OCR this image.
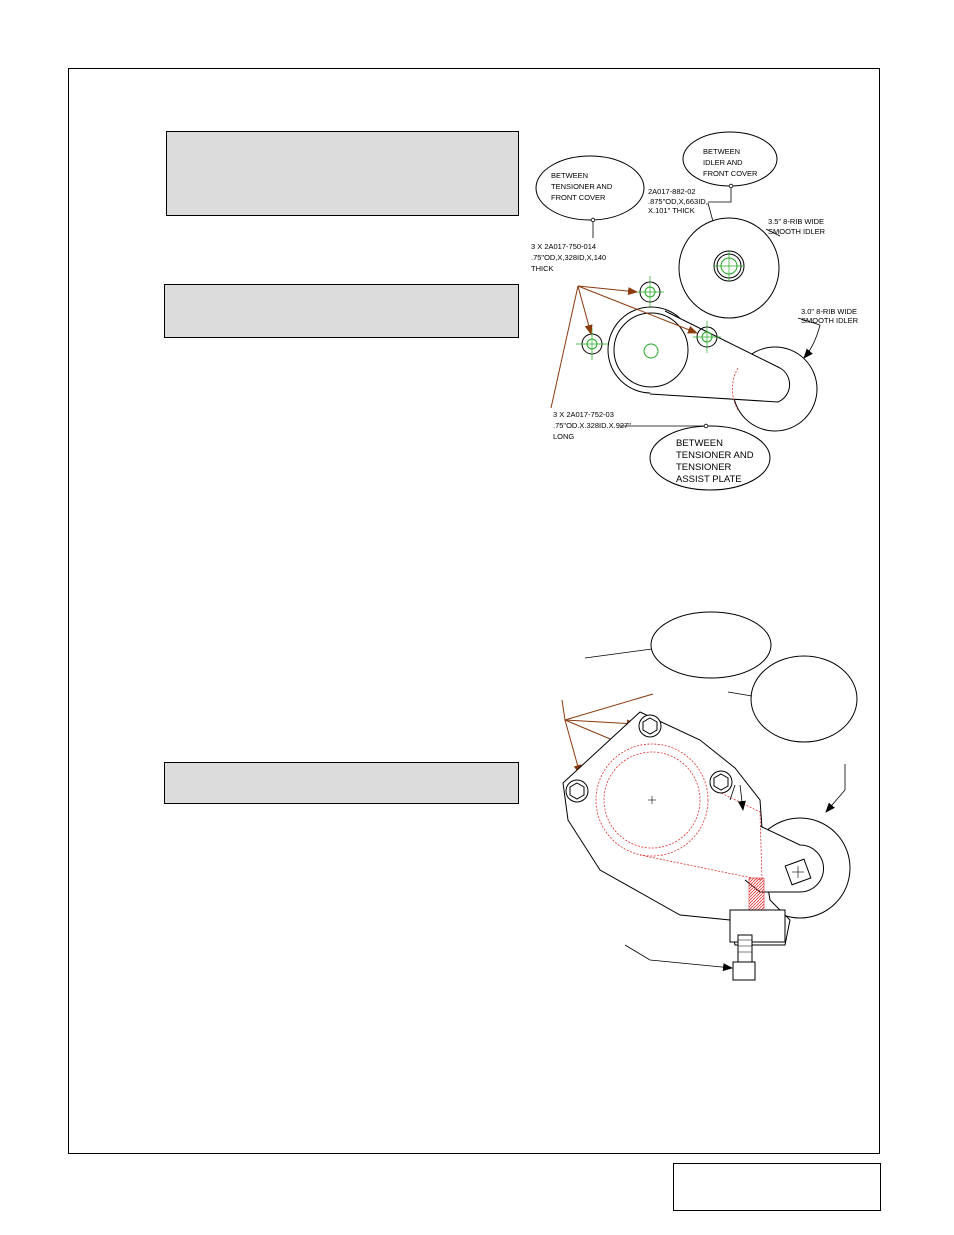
BETWEEN
TENSIONER AND
FRONT COVER
BETWEEN
IDLER AND
FRONT COVER
BETWEEN
TENSIONER AND
TENSIONER
ASSIST PLATE
2A017-882-02
.875"OD,X,663ID,
X.101" THICK
3.5" 8-RIB WIDE
SMOOTH IDLER
3.0" 8-RIB WIDE
SMOOTH IDLER
3 X 2A017-750-014
.75"OD,X,328ID,X,140
THICK
3 X 2A017-752-03
.75"OD.X.328ID.X.927"
LONG
